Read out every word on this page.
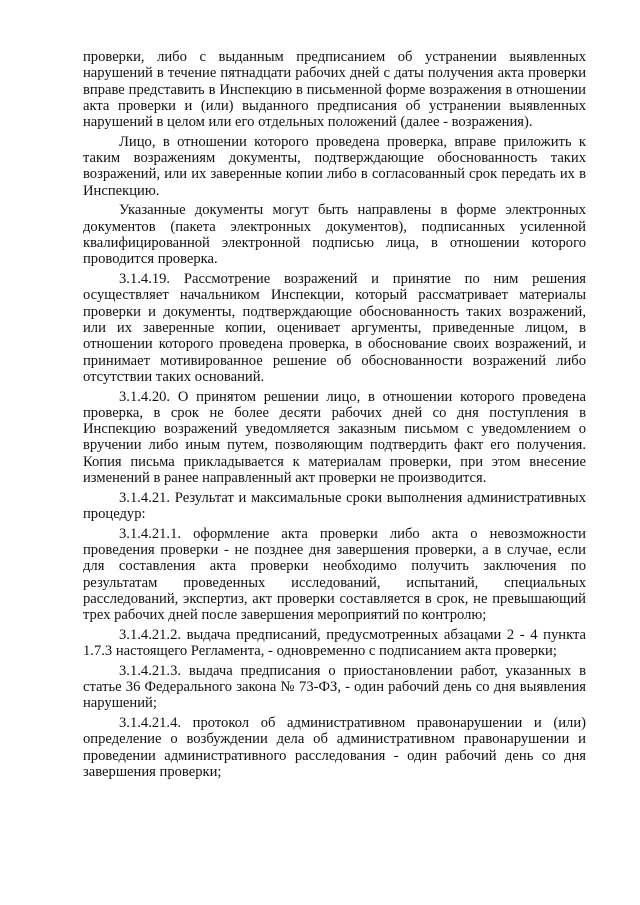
проверки, либо с выданным предписанием об устранении выявленных нарушений в течение пятнадцати рабочих дней с даты получения акта проверки вправе представить в Инспекцию в письменной форме возражения в отношении акта проверки и (или) выданного предписания об устранении выявленных нарушений в целом или его отдельных положений (далее - возражения).

Лицо, в отношении которого проведена проверка, вправе приложить к таким возражениям документы, подтверждающие обоснованность таких возражений, или их заверенные копии либо в согласованный срок передать их в Инспекцию.

Указанные документы могут быть направлены в форме электронных документов (пакета электронных документов), подписанных усиленной квалифицированной электронной подписью лица, в отношении которого проводится проверка.

3.1.4.19. Рассмотрение возражений и принятие по ним решения осуществляет начальником Инспекции, который рассматривает материалы проверки и документы, подтверждающие обоснованность таких возражений, или их заверенные копии, оценивает аргументы, приведенные лицом, в отношении которого проведена проверка, в обоснование своих возражений, и принимает мотивированное решение об обоснованности возражений либо отсутствии таких оснований.

3.1.4.20. О принятом решении лицо, в отношении которого проведена проверка, в срок не более десяти рабочих дней со дня поступления в Инспекцию возражений уведомляется заказным письмом с уведомлением о вручении либо иным путем, позволяющим подтвердить факт его получения. Копия письма прикладывается к материалам проверки, при этом внесение изменений в ранее направленный акт проверки не производится.

3.1.4.21. Результат и максимальные сроки выполнения административных процедур:

3.1.4.21.1. оформление акта проверки либо акта о невозможности проведения проверки - не позднее дня завершения проверки, а в случае, если для составления акта проверки необходимо получить заключения по результатам проведенных исследований, испытаний, специальных расследований, экспертиз, акт проверки составляется в срок, не превышающий трех рабочих дней после завершения мероприятий по контролю;

3.1.4.21.2. выдача предписаний, предусмотренных абзацами 2 - 4 пункта 1.7.3 настоящего Регламента, - одновременно с подписанием акта проверки;

3.1.4.21.3. выдача предписания о приостановлении работ, указанных в статье 36 Федерального закона № 73-ФЗ, - один рабочий день со дня выявления нарушений;

3.1.4.21.4. протокол об административном правонарушении и (или) определение о возбуждении дела об административном правонарушении и проведении административного расследования - один рабочий день со дня завершения проверки;
